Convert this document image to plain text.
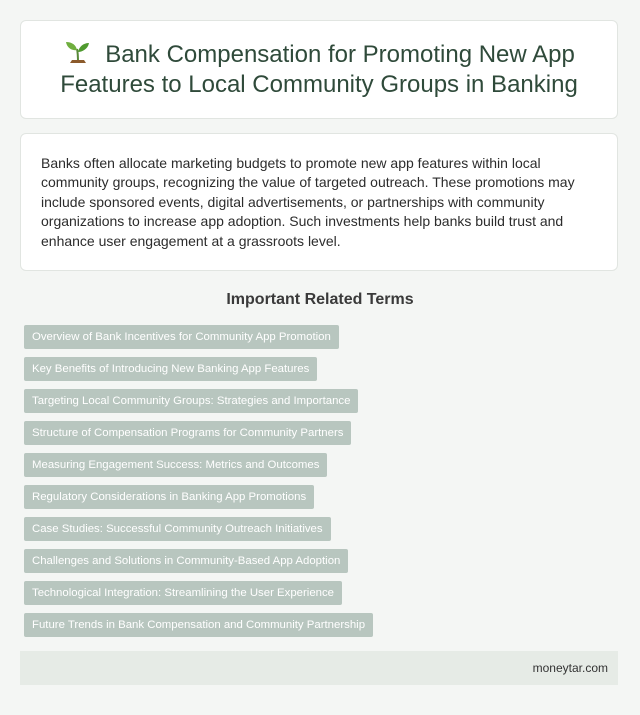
Bank Compensation for Promoting New App Features to Local Community Groups in Banking

Banks often allocate marketing budgets to promote new app features within local community groups, recognizing the value of targeted outreach. These promotions may include sponsored events, digital advertisements, or partnerships with community organizations to increase app adoption. Such investments help banks build trust and enhance user engagement at a grassroots level.

Important Related Terms
Overview of Bank Incentives for Community App Promotion
Key Benefits of Introducing New Banking App Features
Targeting Local Community Groups: Strategies and Importance
Structure of Compensation Programs for Community Partners
Measuring Engagement Success: Metrics and Outcomes
Regulatory Considerations in Banking App Promotions
Case Studies: Successful Community Outreach Initiatives
Challenges and Solutions in Community-Based App Adoption
Technological Integration: Streamlining the User Experience
Future Trends in Bank Compensation and Community Partnership
moneytar.com
